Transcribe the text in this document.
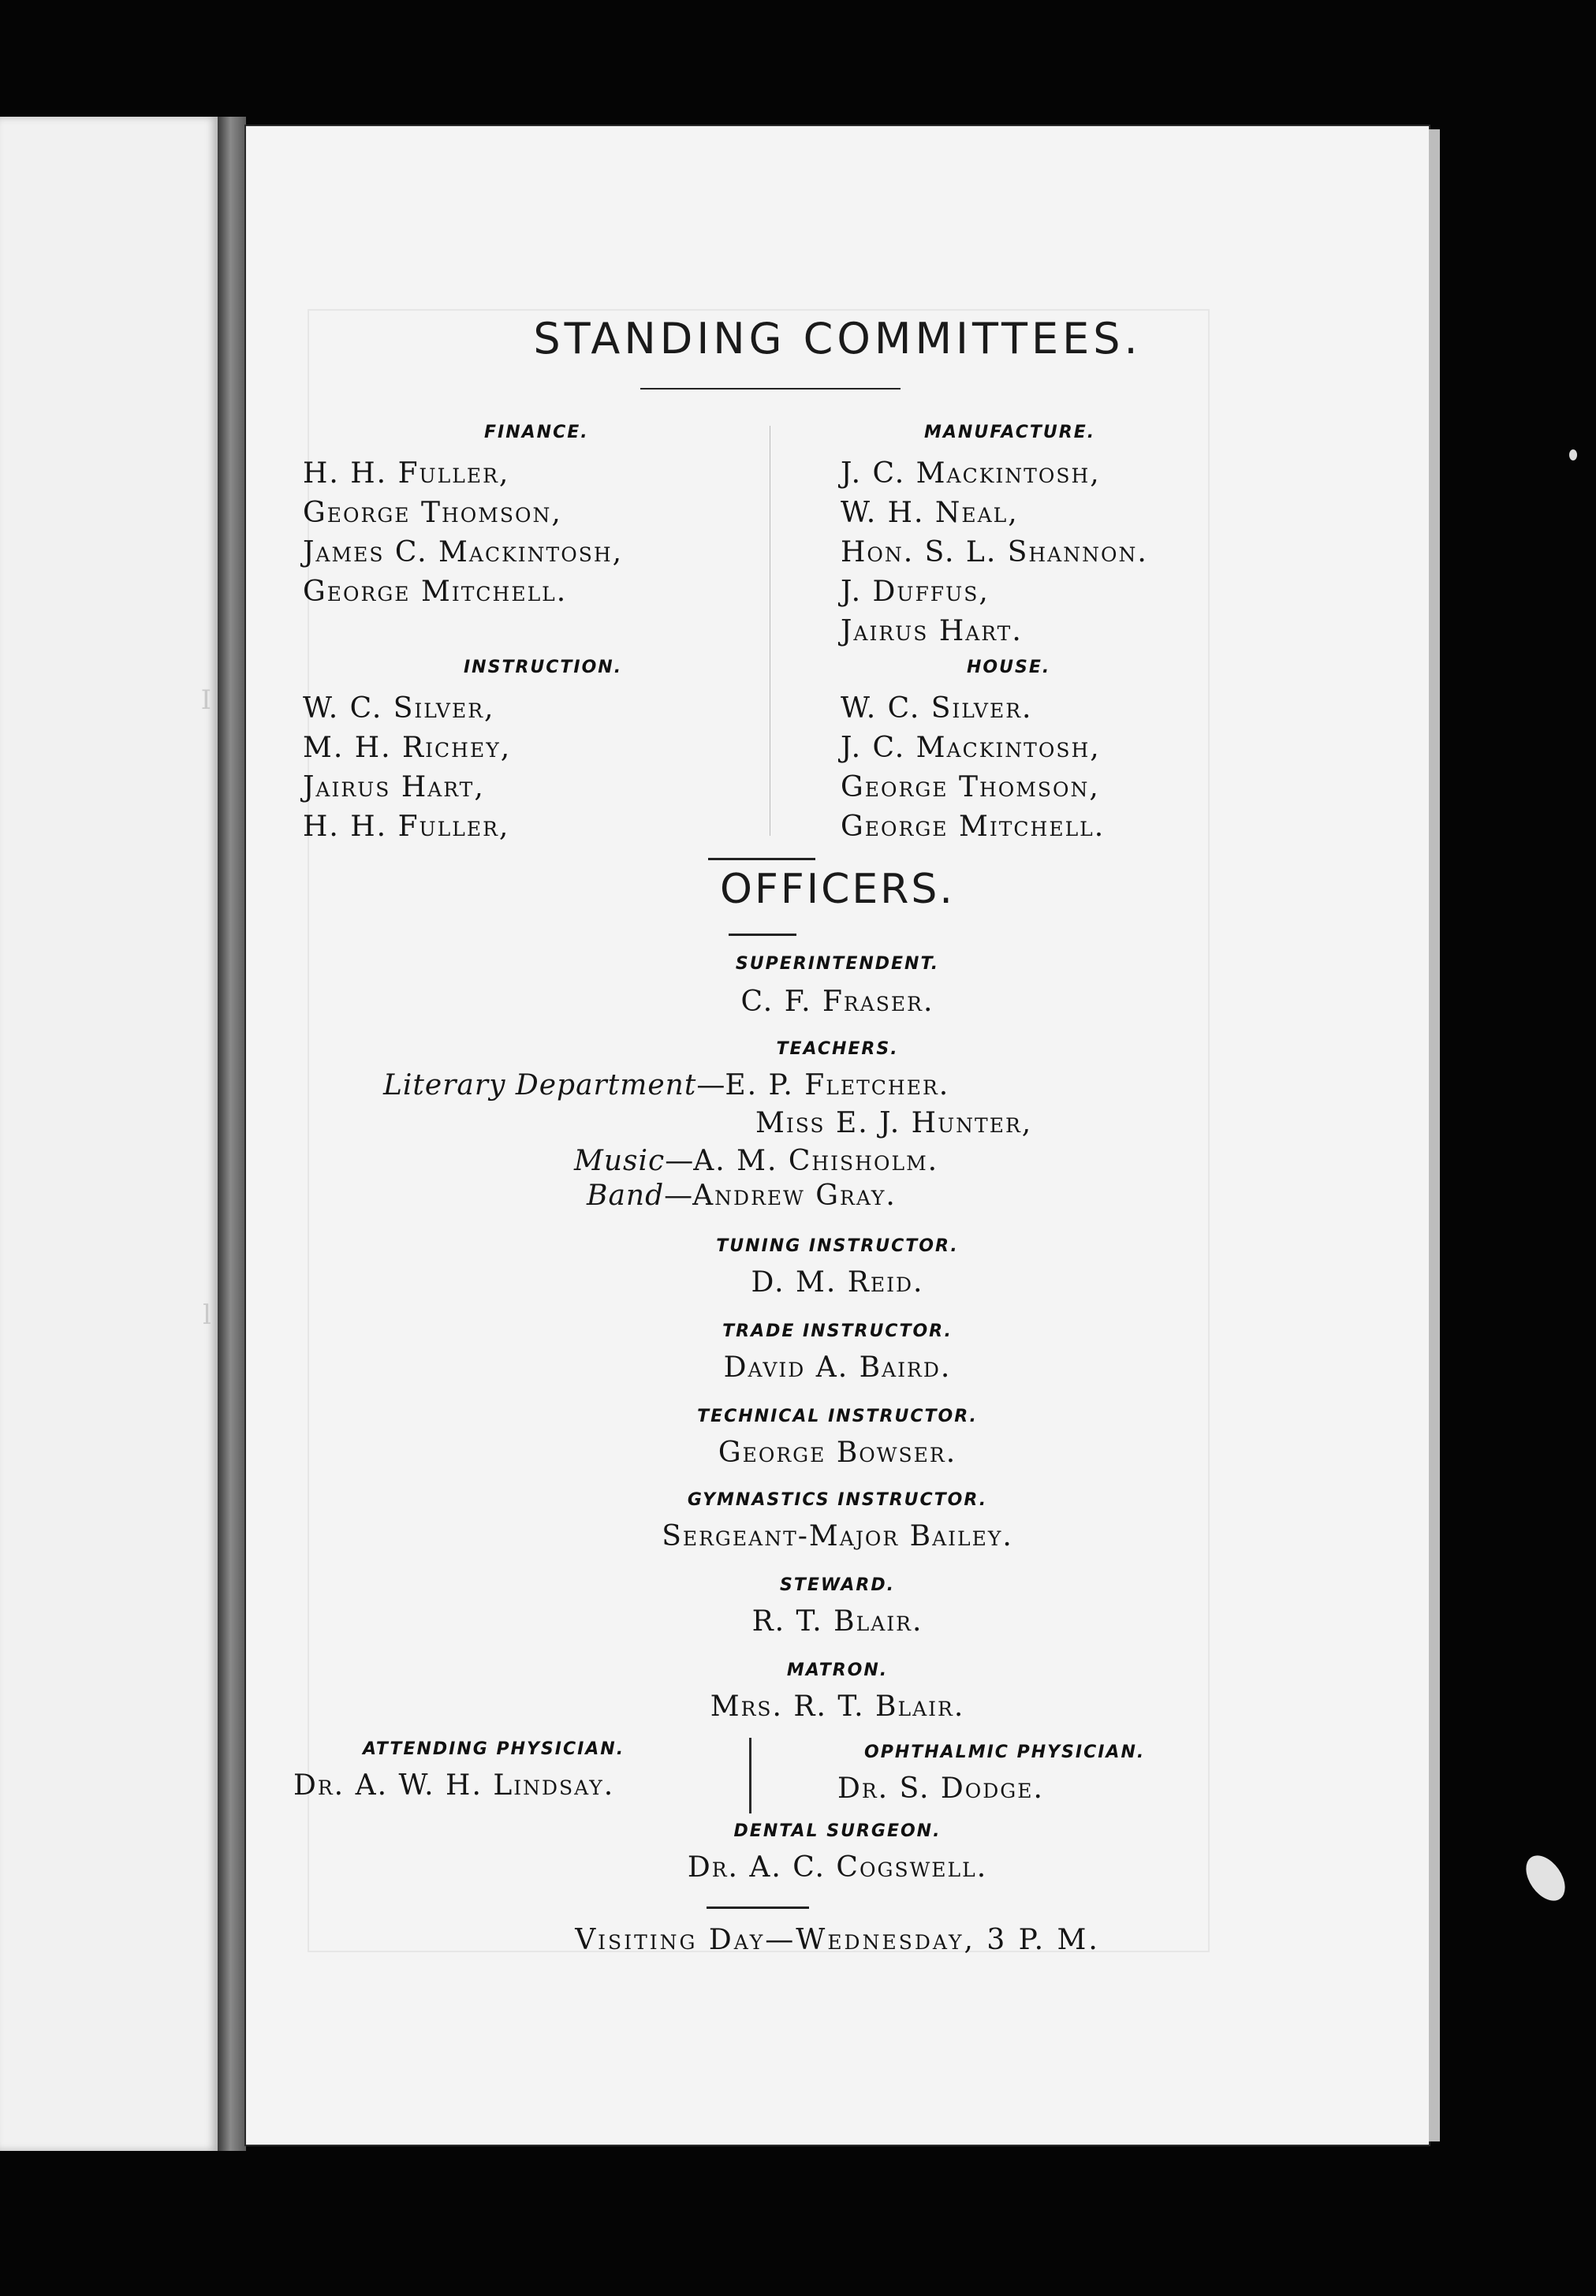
I
l
STANDING COMMITTEES.
FINANCE.
H. H. Fuller,
George Thomson,
James C. Mackintosh,
George Mitchell.
MANUFACTURE.
J. C. Mackintosh,
W. H. Neal,
Hon. S. L. Shannon.
J. Duffus,
Jairus Hart.
INSTRUCTION.
W. C. Silver,
M. H. Richey,
Jairus Hart,
H. H. Fuller,
HOUSE.
W. C. Silver.
J. C. Mackintosh,
George Thomson,
George Mitchell.
OFFICERS.
SUPERINTENDENT.
C. F. Fraser.
TEACHERS.
Literary Department—E. P. Fletcher.
Miss E. J. Hunter,
Music—A. M. Chisholm.
Band—Andrew Gray.
TUNING INSTRUCTOR.
D. M. Reid.
TRADE INSTRUCTOR.
David A. Baird.
TECHNICAL INSTRUCTOR.
George Bowser.
GYMNASTICS INSTRUCTOR.
Sergeant-Major Bailey.
STEWARD.
R. T. Blair.
MATRON.
Mrs. R. T. Blair.
ATTENDING PHYSICIAN.
Dr. A. W. H. Lindsay.
OPHTHALMIC PHYSICIAN.
Dr. S. Dodge.
DENTAL SURGEON.
Dr. A. C. Cogswell.
Visiting Day—Wednesday, 3 P. M.
